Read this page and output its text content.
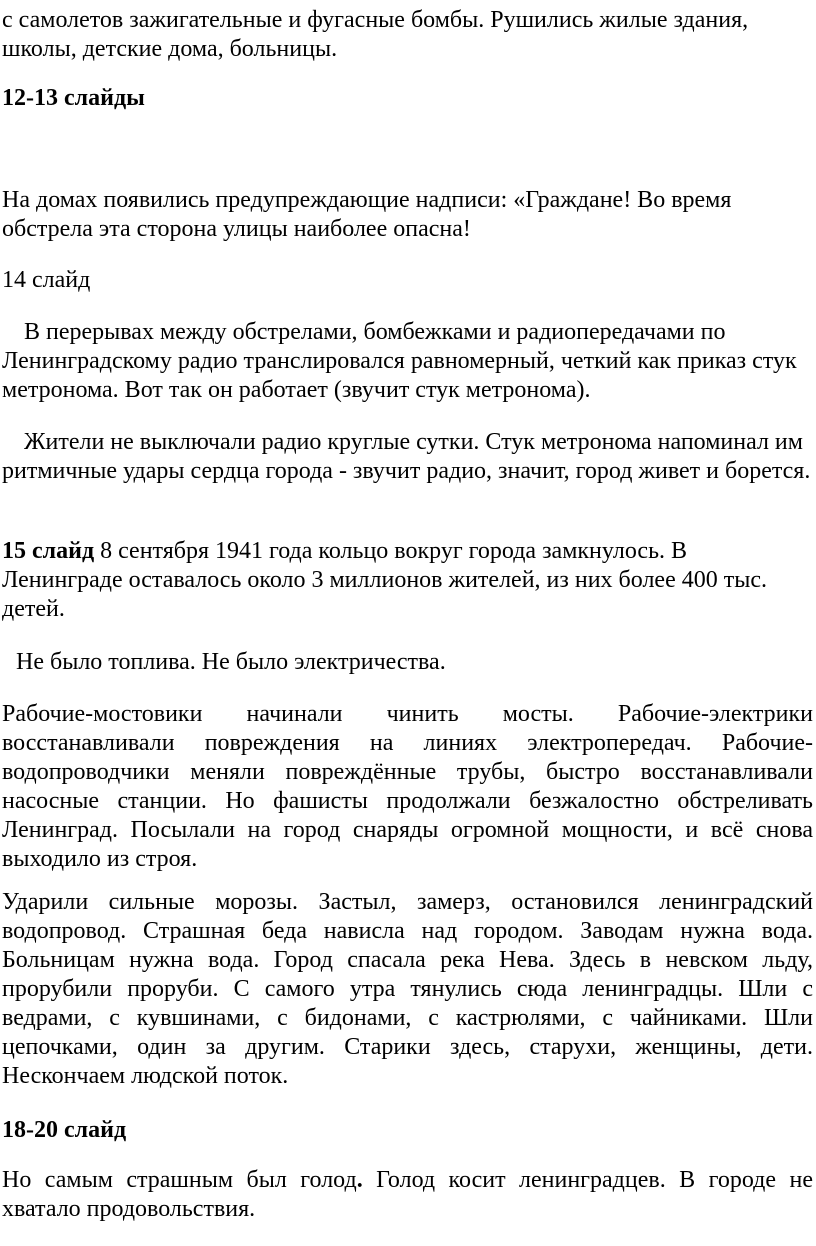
с самолетов зажигательные и фугасные бомбы. Рушились жилые здания, школы, детские дома, больницы.

12-13 слайды

На домах появились предупреждающие надписи: «Граждане! Во время обстрела эта сторона улицы наиболее опасна!

14 слайд

В перерывах между обстрелами, бомбежками и радиопередачами по Ленинградскому радио транслировался равномерный, четкий как приказ стук метронома. Вот так он работает (звучит стук метронома).

Жители не выключали радио круглые сутки. Стук метронома напоминал им ритмичные удары сердца города - звучит радио, значит, город живет и борется.

15 слайд 8 сентября 1941 года кольцо вокруг города замкнулось. В Ленинграде оставалось около 3 миллионов жителей, из них более 400 тыс. детей.

Не было топлива. Не было электричества.

Рабочие-мостовики начинали чинить мосты. Рабочие-электрики восстанавливали повреждения на линиях электропередач. Рабочие-водопроводчики меняли повреждённые трубы, быстро восстанавливали насосные станции. Но фашисты продолжали безжалостно обстреливать Ленинград. Посылали на город снаряды огромной мощности, и всё снова выходило из строя.

Ударили сильные морозы. Застыл, замерз, остановился ленинградский водопровод. Страшная беда нависла над городом. Заводам нужна вода. Больницам нужна вода. Город спасала река Нева. Здесь в невском льду, прорубили проруби. С самого утра тянулись сюда ленинградцы. Шли с ведрами, с кувшинами, с бидонами, с кастрюлями, с чайниками. Шли цепочками, один за другим. Старики здесь, старухи, женщины, дети. Нескончаем людской поток.

18-20 слайд

Но самым страшным был голод. Голод косит ленинградцев. В городе не хватало продовольствия.
